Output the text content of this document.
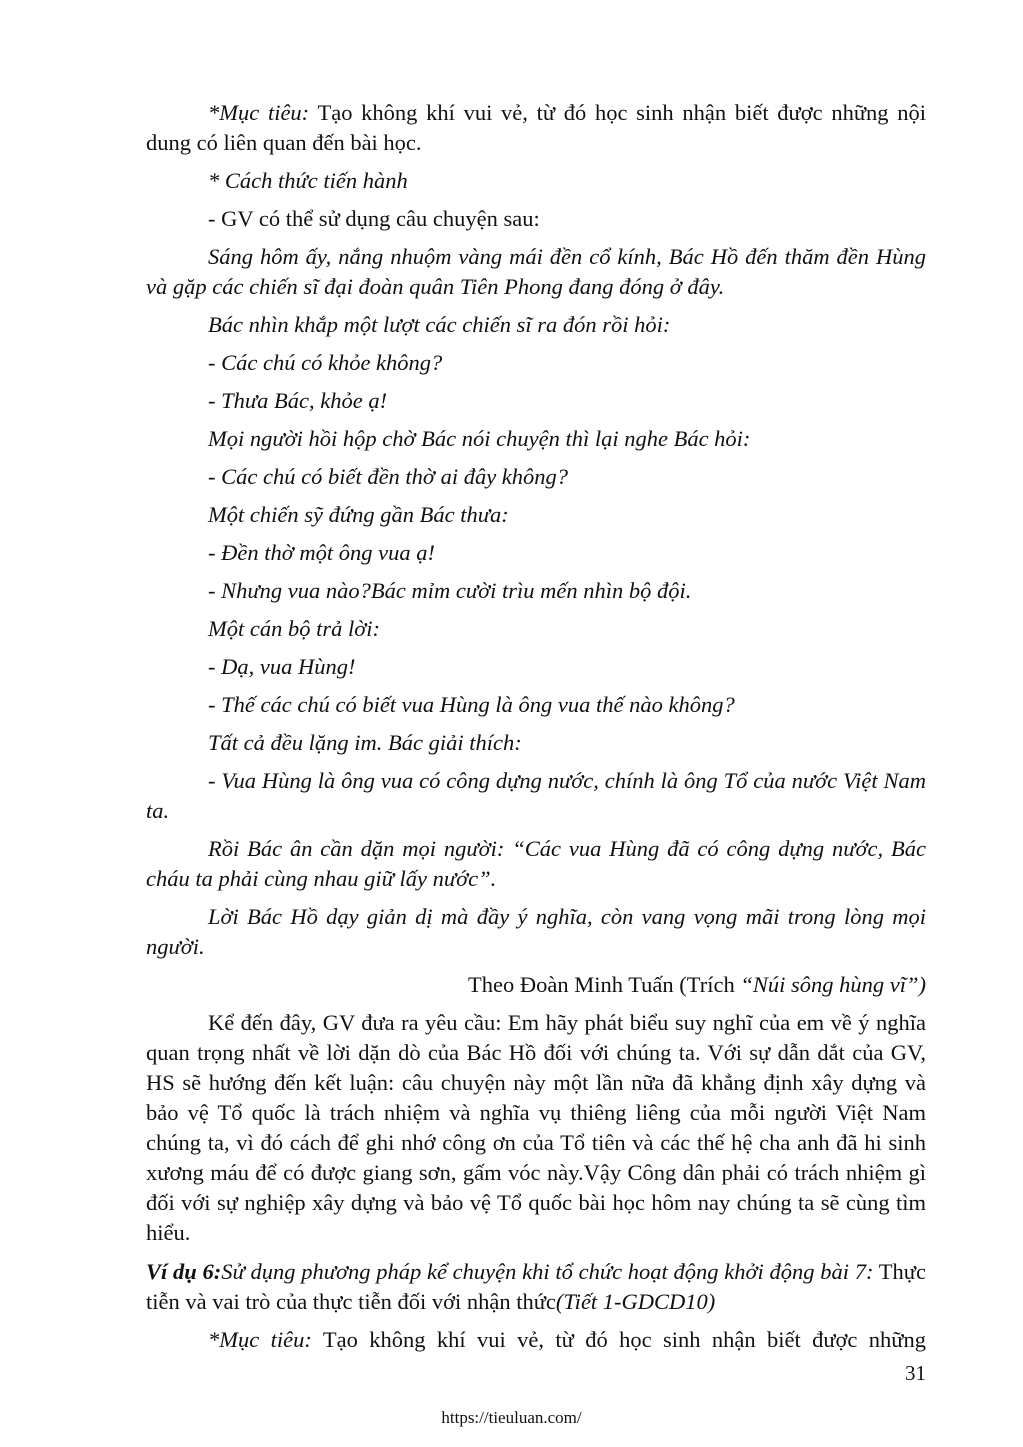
*Mục tiêu: Tạo không khí vui vẻ, từ đó học sinh nhận biết được những nội dung có liên quan đến bài học.

* Cách thức tiến hành

- GV có thể sử dụng câu chuyện sau:

Sáng hôm ấy, nắng nhuộm vàng mái đền cổ kính, Bác Hồ đến thăm đền Hùng và gặp các chiến sĩ đại đoàn quân Tiên Phong đang đóng ở đây.

Bác nhìn khắp một lượt các chiến sĩ ra đón rồi hỏi:

- Các chú có khỏe không?

- Thưa Bác, khỏe ạ!

Mọi người hồi hộp chờ Bác nói chuyện thì lại nghe Bác hỏi:

- Các chú có biết đền thờ ai đây không?

Một chiến sỹ đứng gần Bác thưa:

- Đền thờ một ông vua ạ!

- Nhưng vua nào?Bác mỉm cười trìu mến nhìn bộ đội.

Một cán bộ trả lời:

- Dạ, vua Hùng!

- Thế các chú có biết vua Hùng là ông vua thế nào không?

Tất cả đều lặng im. Bác giải thích:

- Vua Hùng là ông vua có công dựng nước, chính là ông Tổ của nước Việt Nam ta.

Rồi Bác ân cần dặn mọi người: “Các vua Hùng đã có công dựng nước, Bác cháu ta phải cùng nhau giữ lấy nước”.

Lời Bác Hồ dạy giản dị mà đầy ý nghĩa, còn vang vọng mãi trong lòng mọi người.

Theo Đoàn Minh Tuấn (Trích “Núi sông hùng vĩ”)

Kể đến đây, GV đưa ra yêu cầu: Em hãy phát biểu suy nghĩ của em về ý nghĩa quan trọng nhất về lời dặn dò của Bác Hồ đối với chúng ta. Với sự dẫn dắt của GV, HS sẽ hướng đến kết luận: câu chuyện này một lần nữa đã khẳng định xây dựng và bảo vệ Tổ quốc là trách nhiệm và nghĩa vụ thiêng liêng của mỗi người Việt Nam chúng ta, vì đó cách để ghi nhớ công ơn của Tổ tiên và các thế hệ cha anh đã hi sinh xương máu để có được giang sơn, gấm vóc này.Vậy Công dân phải có trách nhiệm gì đối với sự nghiệp xây dựng và bảo vệ Tổ quốc bài học hôm nay chúng ta sẽ cùng tìm hiểu.

Ví dụ 6:Sử dụng phương pháp kể chuyện khi tổ chức hoạt động khởi động bài 7: Thực tiễn và vai trò của thực tiễn đối với nhận thức(Tiết 1-GDCD10)

*Mục tiêu: Tạo không khí vui vẻ, từ đó học sinh nhận biết được những

31
https://tieuluan.com/
